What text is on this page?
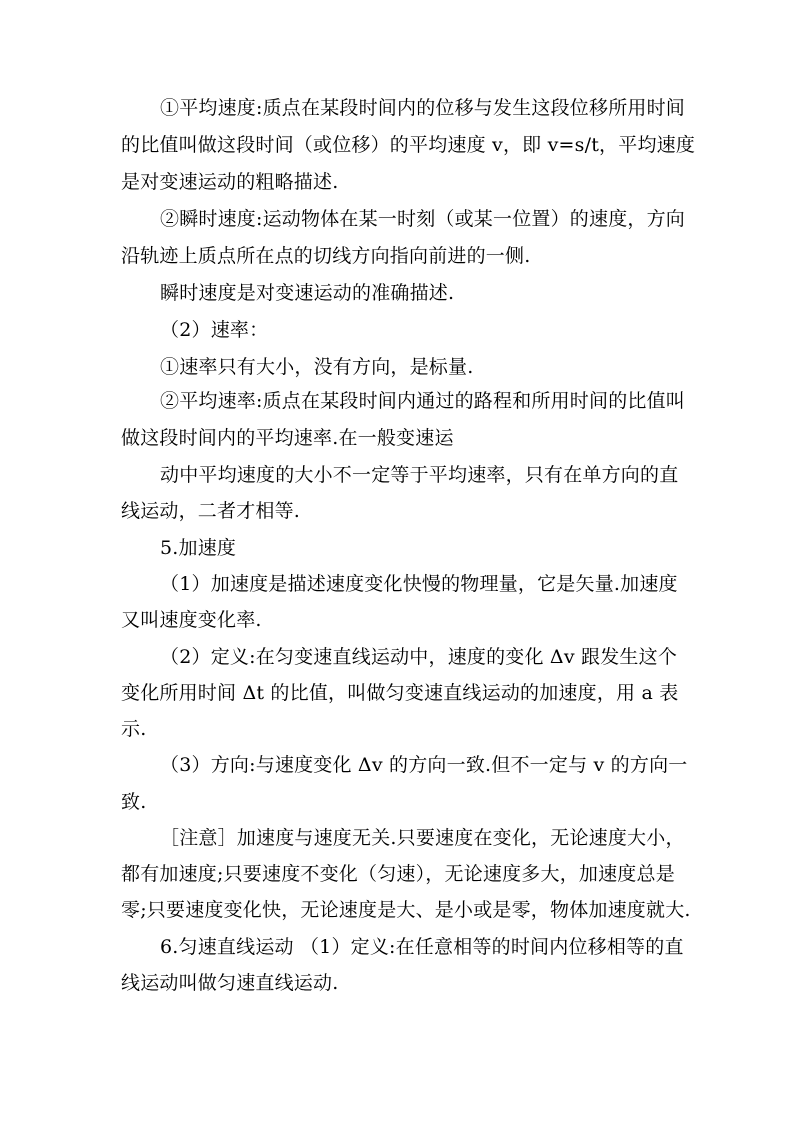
①平均速度:质点在某段时间内的位移与发生这段位移所用时间
的比值叫做这段时间（或位移）的平均速度 v，即 v=s/t，平均速度
是对变速运动的粗略描述.
②瞬时速度:运动物体在某一时刻（或某一位置）的速度，方向
沿轨迹上质点所在点的切线方向指向前进的一侧.
瞬时速度是对变速运动的准确描述.
（2）速率：
①速率只有大小，没有方向，是标量.
②平均速率:质点在某段时间内通过的路程和所用时间的比值叫
做这段时间内的平均速率.在一般变速运
动中平均速度的大小不一定等于平均速率，只有在单方向的直
线运动，二者才相等.
5.加速度
（1）加速度是描述速度变化快慢的物理量，它是矢量.加速度
又叫速度变化率.
（2）定义:在匀变速直线运动中，速度的变化 Δv 跟发生这个
变化所用时间 Δt 的比值，叫做匀变速直线运动的加速度，用 a 表
示.
（3）方向:与速度变化 Δv 的方向一致.但不一定与 v 的方向一
致.
［注意］加速度与速度无关.只要速度在变化，无论速度大小，
都有加速度;只要速度不变化（匀速），无论速度多大，加速度总是
零;只要速度变化快，无论速度是大、是小或是零，物体加速度就大.
6.匀速直线运动 （1）定义:在任意相等的时间内位移相等的直
线运动叫做匀速直线运动.
